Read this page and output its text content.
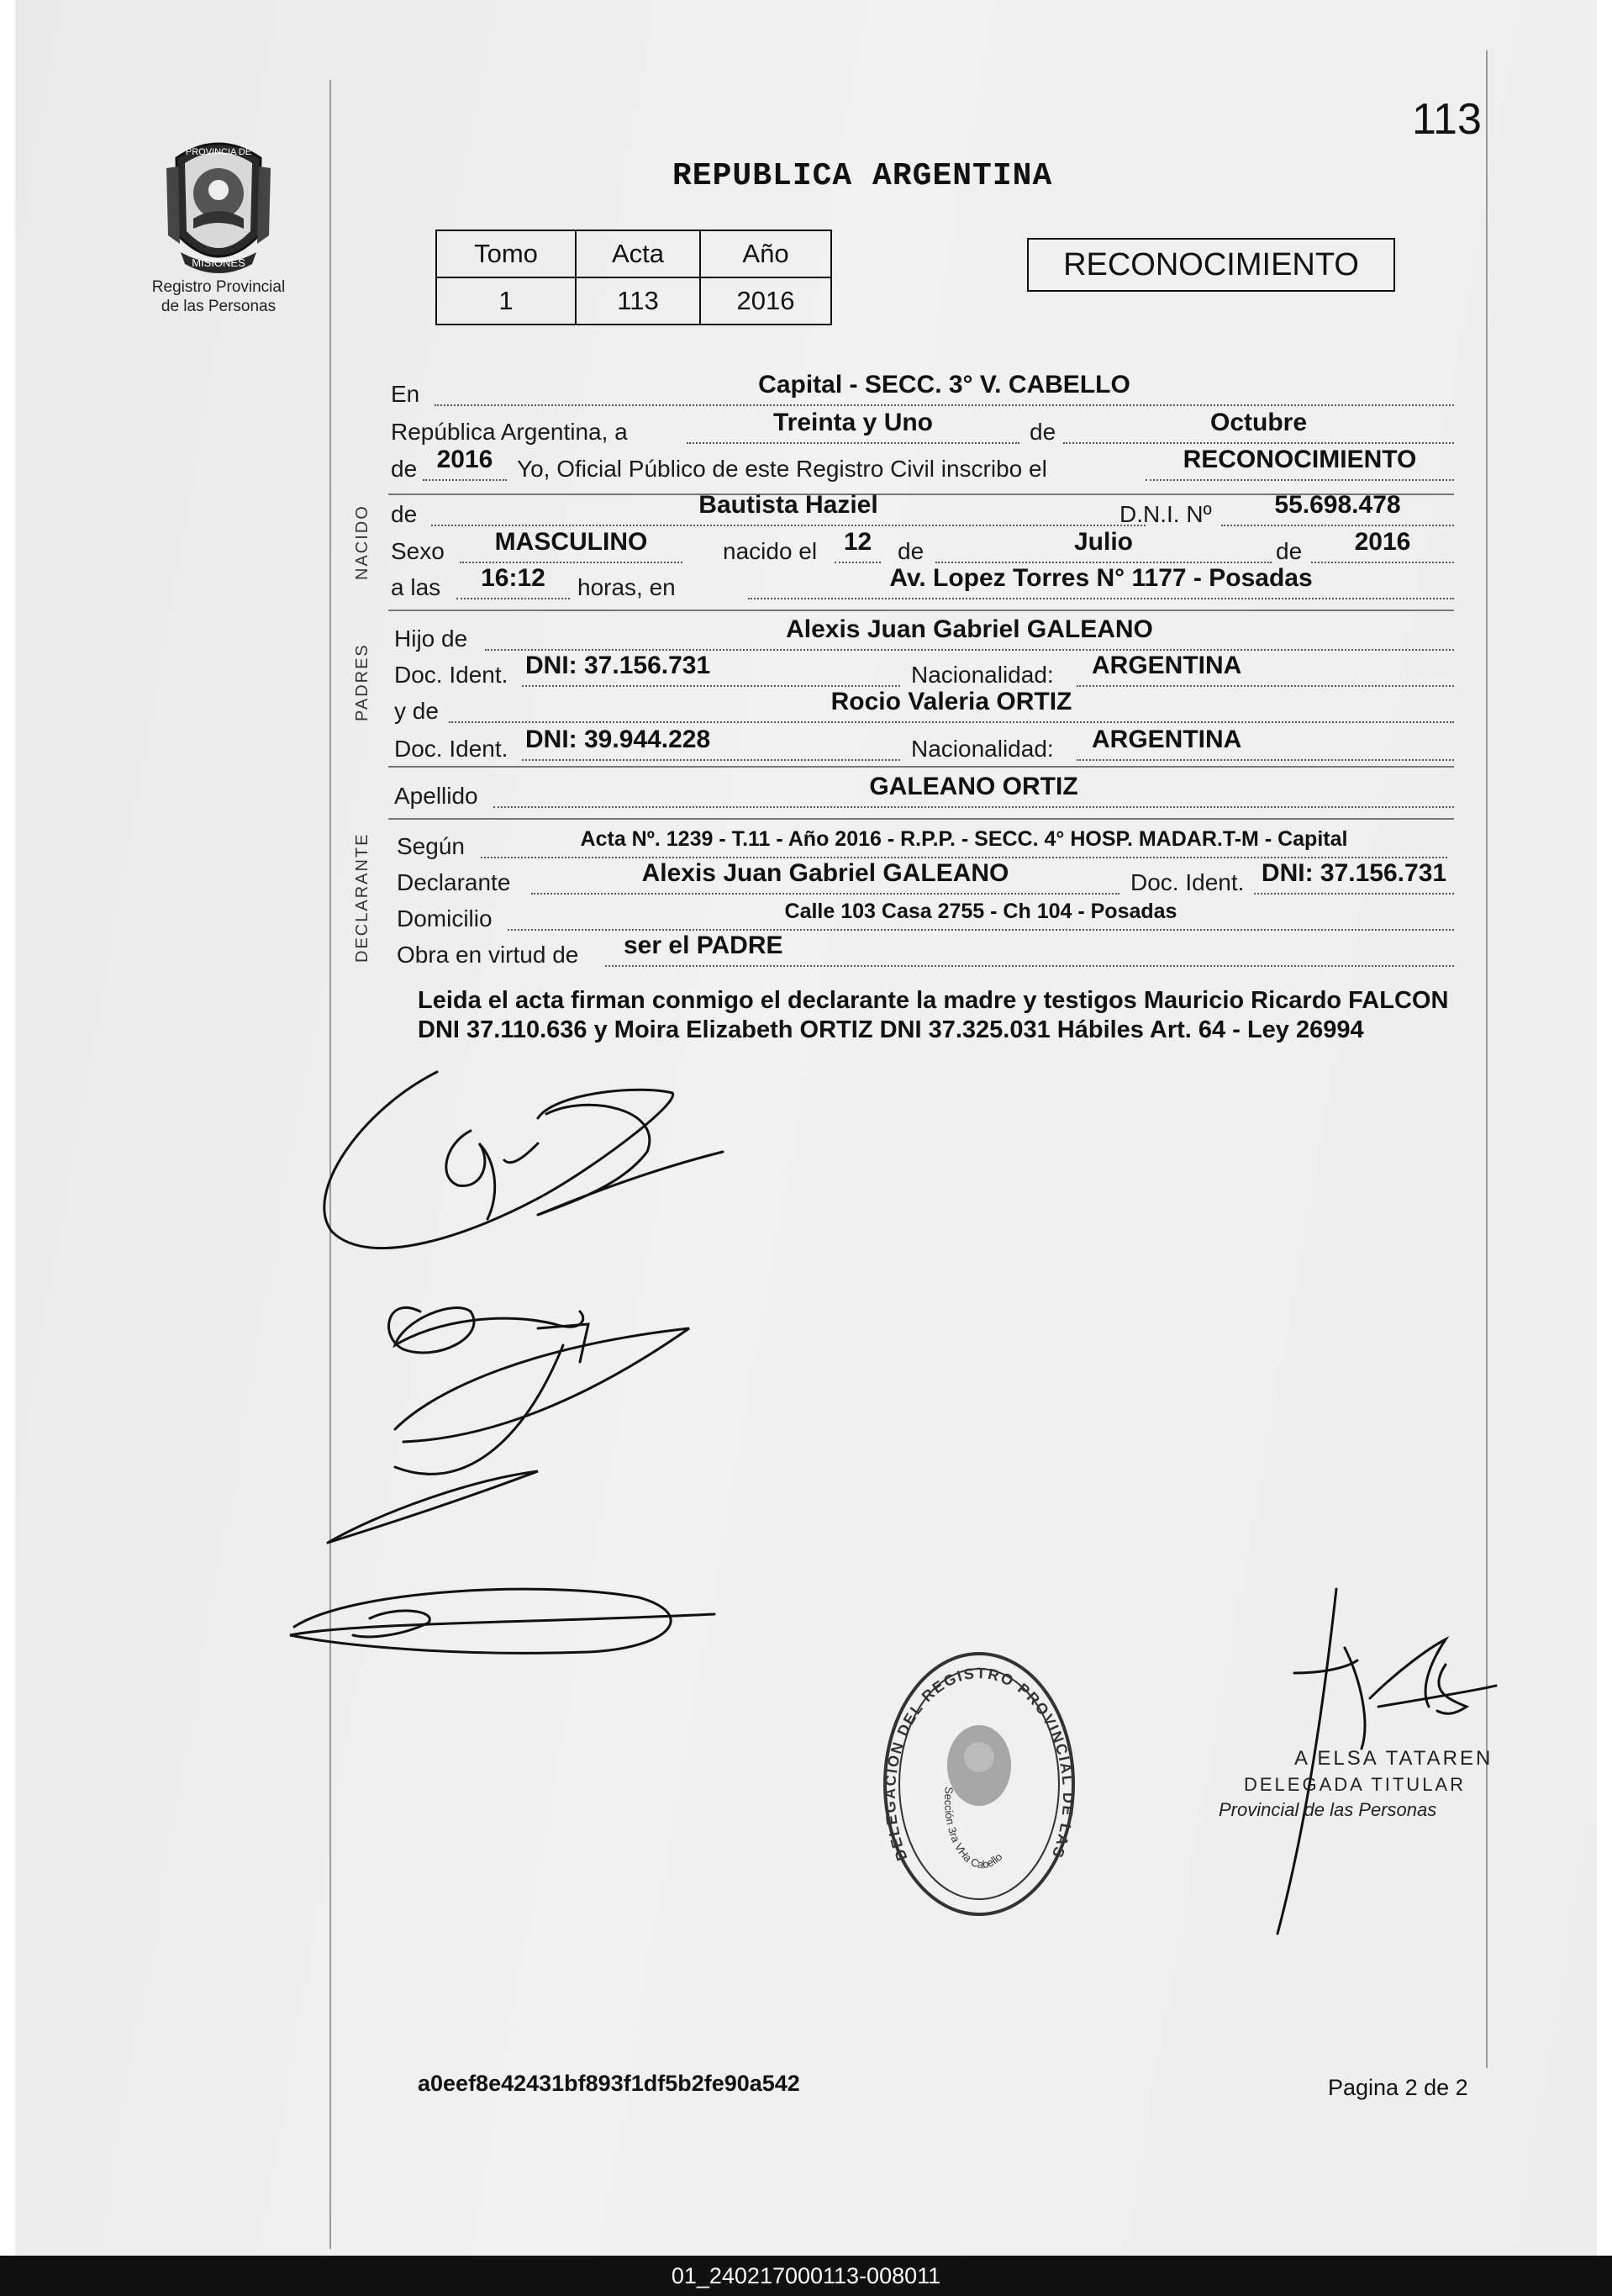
PROVINCIA DE
MISIONES
Registro Provincial
de las Personas
113
REPUBLICA ARGENTINA
Tomo	Acta	Año
1	113	2016
RECONOCIMIENTO
NACIDO
PADRES
DECLARANTE
En	Capital - SECC. 3° V. CABELLO
República Argentina, a	Treinta y Uno	de	Octubre
de 2016	Yo, Oficial Público de este Registro Civil inscribo el	RECONOCIMIENTO
de	Bautista Haziel	D.N.I. Nº	55.698.478
Sexo	MASCULINO	nacido el	12	de	Julio	de	2016
a las	16:12	horas, en	Av. Lopez Torres N° 1177 - Posadas
Hijo de	Alexis Juan Gabriel GALEANO
Doc. Ident. DNI: 37.156.731	Nacionalidad: ARGENTINA
y de	Rocio Valeria ORTIZ
Doc. Ident. DNI: 39.944.228	Nacionalidad: ARGENTINA
Apellido	GALEANO ORTIZ
Según	Acta Nº. 1239 - T.11 - Año 2016 - R.P.P. - SECC. 4° HOSP. MADAR.T-M - Capital
Declarante	Alexis Juan Gabriel GALEANO	Doc. Ident. DNI: 37.156.731
Domicilio	Calle 103 Casa 2755 - Ch 104 - Posadas
Obra en virtud de ser el PADRE
Leida el acta firman conmigo el declarante la madre y testigos Mauricio Ricardo FALCON DNI 37.110.636 y Moira Elizabeth ORTIZ DNI 37.325.031 Hábiles Art. 64 - Ley 26994
DELEGACION DEL REGISTRO PROVINCIAL DE LAS
Sección 3ra VHa Cabello
A ELSA TATAREN
DELEGADA TITULAR
Provincial de las Personas
a0eef8e42431bf893f1df5b2fe90a542	Pagina 2 de 2
01_240217000113-008011
